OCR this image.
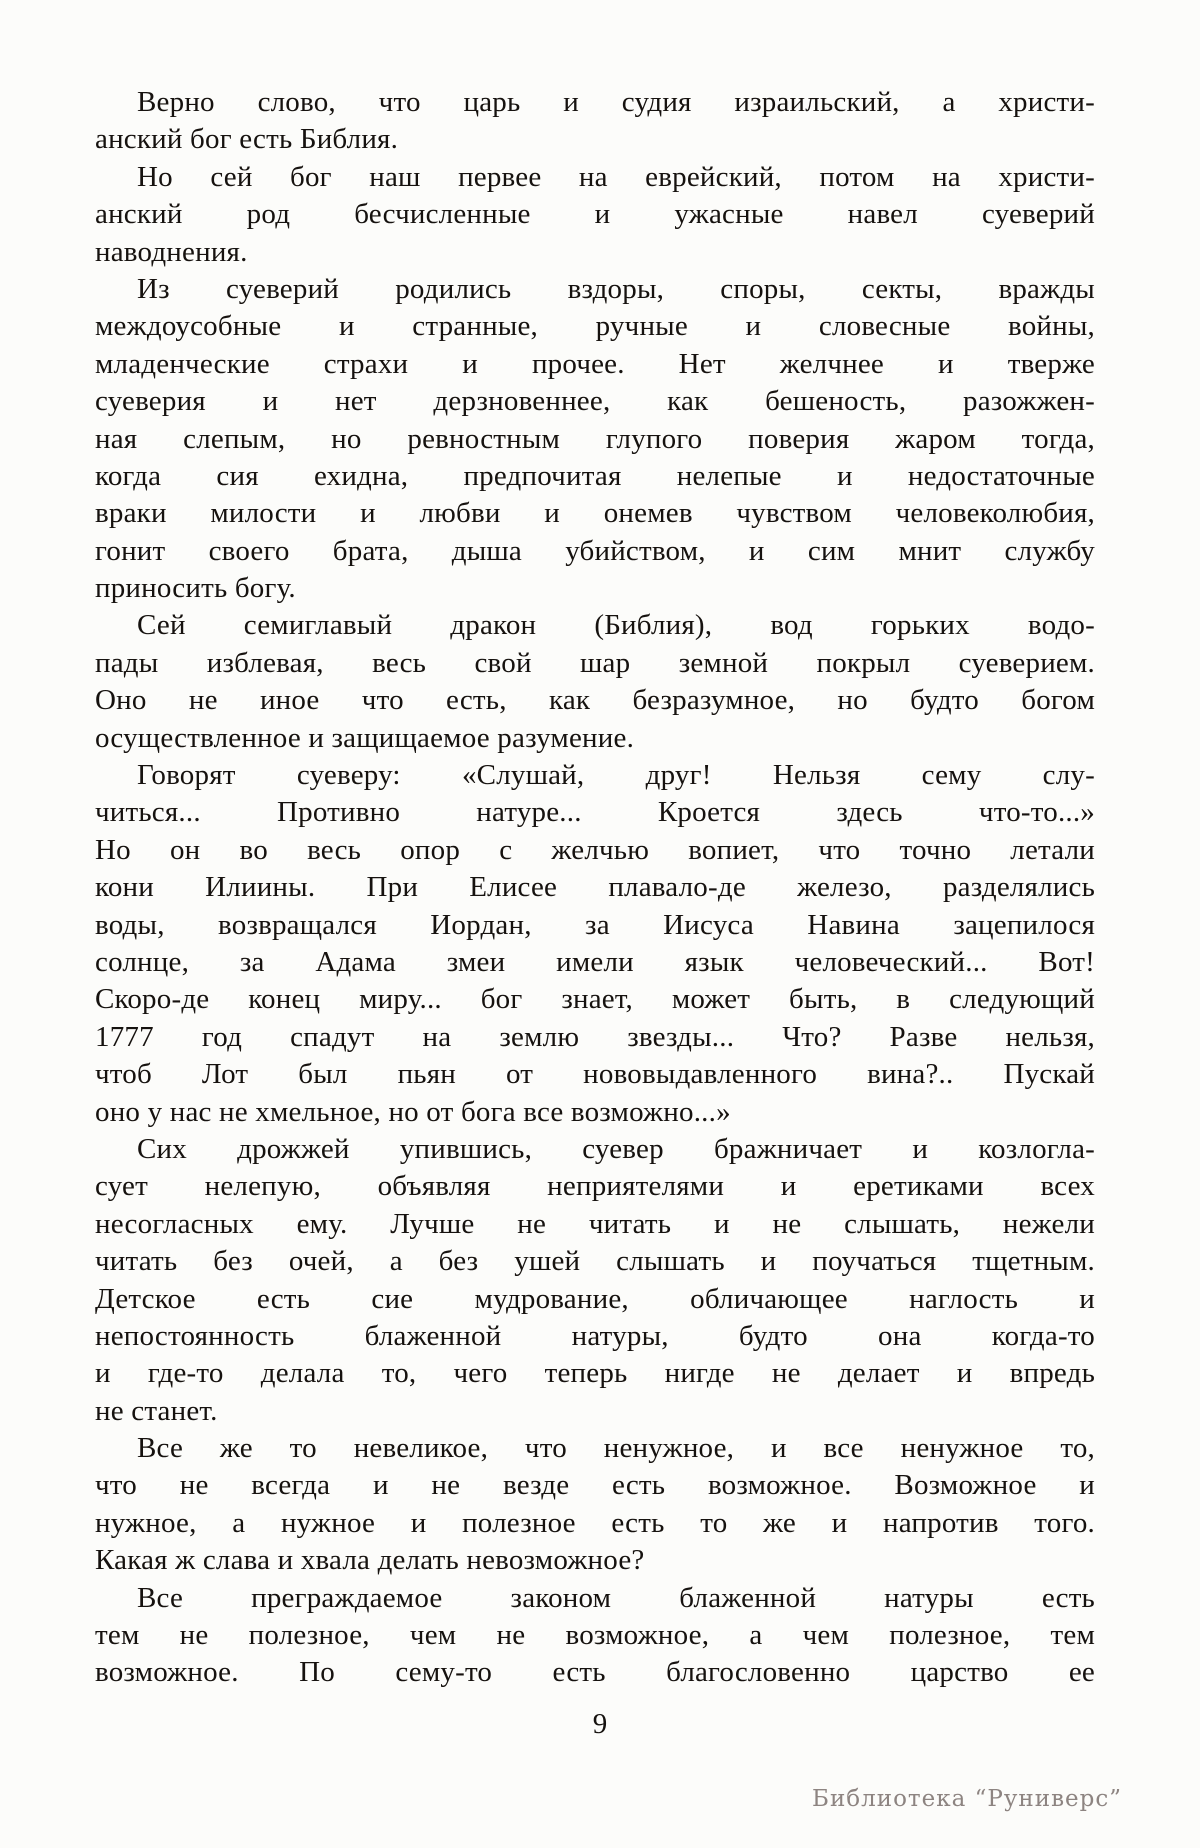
Верно слово, что царь и судия израильский, а христи-
анский бог есть Библия.
Но сей бог наш первее на еврейский, потом на христи-
анский род бесчисленные и ужасные навел суеверий
наводнения.
Из суеверий родились вздоры, споры, секты, вражды
междоусобные и странные, ручные и словесные войны,
младенческие страхи и прочее. Нет желчнее и тверже
суеверия и нет дерзновеннее, как бешеность, разожжен-
ная слепым, но ревностным глупого поверия жаром тогда,
когда сия ехидна, предпочитая нелепые и недостаточные
враки милости и любви и онемев чувством человеколюбия,
гонит своего брата, дыша убийством, и сим мнит службу
приносить богу.
Сей семиглавый дракон (Библия), вод горьких водо-
пады изблевая, весь свой шар земной покрыл суеверием.
Оно не иное что есть, как безразумное, но будто богом
осуществленное и защищаемое разумение.
Говорят суеверу: «Слушай, друг! Нельзя сему слу-
читься... Противно натуре... Кроется здесь что-то...»
Но он во весь опор с желчью вопиет, что точно летали
кони Илиины. При Елисее плавало-де железо, разделялись
воды, возвращался Иордан, за Иисуса Навина зацепилося
солнце, за Адама змеи имели язык человеческий... Вот!
Скоро-де конец миру... бог знает, может быть, в следующий
1777 год спадут на землю звезды... Что? Разве нельзя,
чтоб Лот был пьян от нововыдавленного вина?.. Пускай
оно у нас не хмельное, но от бога все возможно...»
Сих дрожжей упившись, суевер бражничает и козлогла-
сует нелепую, объявляя неприятелями и еретиками всех
несогласных ему. Лучше не читать и не слышать, нежели
читать без очей, а без ушей слышать и поучаться тщетным.
Детское есть сие мудрование, обличающее наглость и
непостоянность блаженной натуры, будто она когда-то
и где-то делала то, чего теперь нигде не делает и впредь
не станет.
Все же то невеликое, что ненужное, и все ненужное то,
что не всегда и не везде есть возможное. Возможное и
нужное, а нужное и полезное есть то же и напротив того.
Какая ж слава и хвала делать невозможное?
Все преграждаемое законом блаженной натуры есть
тем не полезное, чем не возможное, а чем полезное, тем
возможное. По сему-то есть благословенно царство ее
9
Библиотека “Руниверс”
